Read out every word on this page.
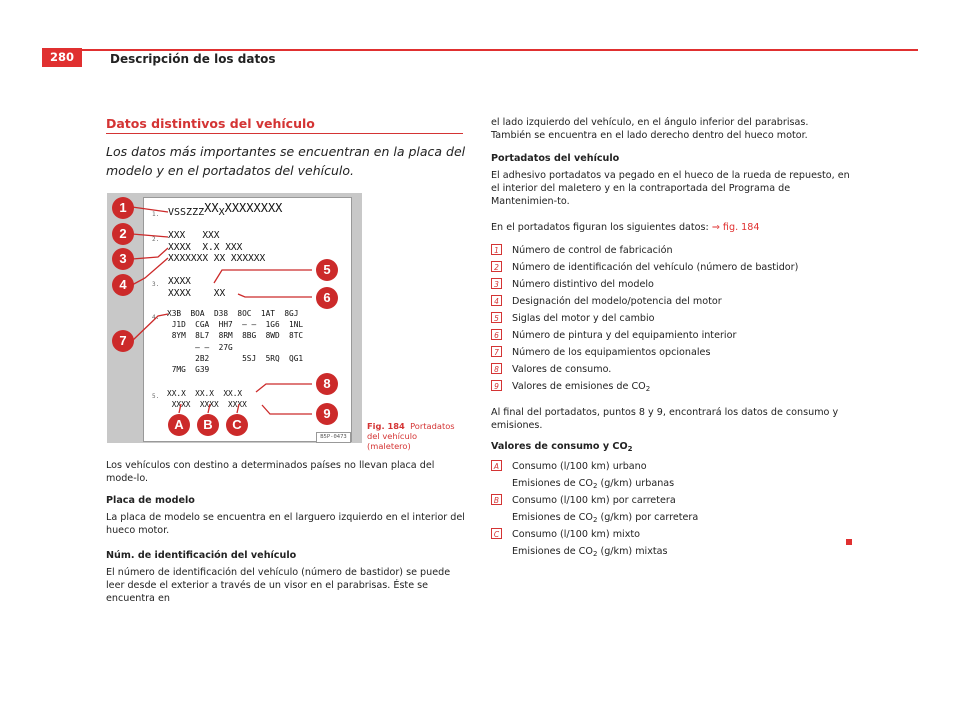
280	Descripción de los datos
Datos distintivos del vehículo
Los datos más importantes se encuentran en la placa del modelo y en el portadatos del vehículo.
1. VSSZZZXXXXXXXXXXX
2. XXX   XXX
XXXX  X.X XXX
XXXXXXX XX XXXXXX
3. XXXX
XXXX    XX
4. X3B  BOA  D38  8OC  1AT  8GJ
J1D  CGA  HH7  – –  1G6  1NL
8YM  8L7  8RM  8BG  8WD  8TC
– –  27G
2B2       5SJ  5RQ  QG1
7MG  G39
5. XX.X  XX.X  XX.X
XXXX  XXXX  XXXX
B5P-0473
1
2
3
4
5
6
7
8
9
A	B	C	Fig. 184 Portadatos del vehículo (maletero)
Los vehículos con destino a determinados países no llevan placa del mode-lo.
Placa de modelo
La placa de modelo se encuentra en el larguero izquierdo en el interior del hueco motor.
Núm. de identificación del vehículo
El número de identificación del vehículo (número de bastidor) se puede leer desde el exterior a través de un visor en el parabrisas. Éste se encuentra en
el lado izquierdo del vehículo, en el ángulo inferior del parabrisas. También se encuentra en el lado derecho dentro del hueco motor.
Portadatos del vehículo
El adhesivo portadatos va pegado en el hueco de la rueda de repuesto, en el interior del maletero y en la contraportada del Programa de Mantenimien-to.
En el portadatos figuran los siguientes datos: ⇒ fig. 184
1 Número de control de fabricación
2 Número de identificación del vehículo (número de bastidor)
3 Número distintivo del modelo
4 Designación del modelo/potencia del motor
5 Siglas del motor y del cambio
6 Número de pintura y del equipamiento interior
7 Número de los equipamientos opcionales
8 Valores de consumo.
9 Valores de emisiones de $CO_2$
Al final del portadatos, puntos 8 y 9, encontrará los datos de consumo y emisiones.
Valores de consumo y $CO_2$
A Consumo (l/100 km) urbano
Emisiones de $CO_2$ (g/km) urbanas
B Consumo (l/100 km) por carretera
Emisiones de $CO_2$ (g/km) por carretera
C Consumo (l/100 km) mixto
Emisiones de $CO_2$ (g/km) mixtas
